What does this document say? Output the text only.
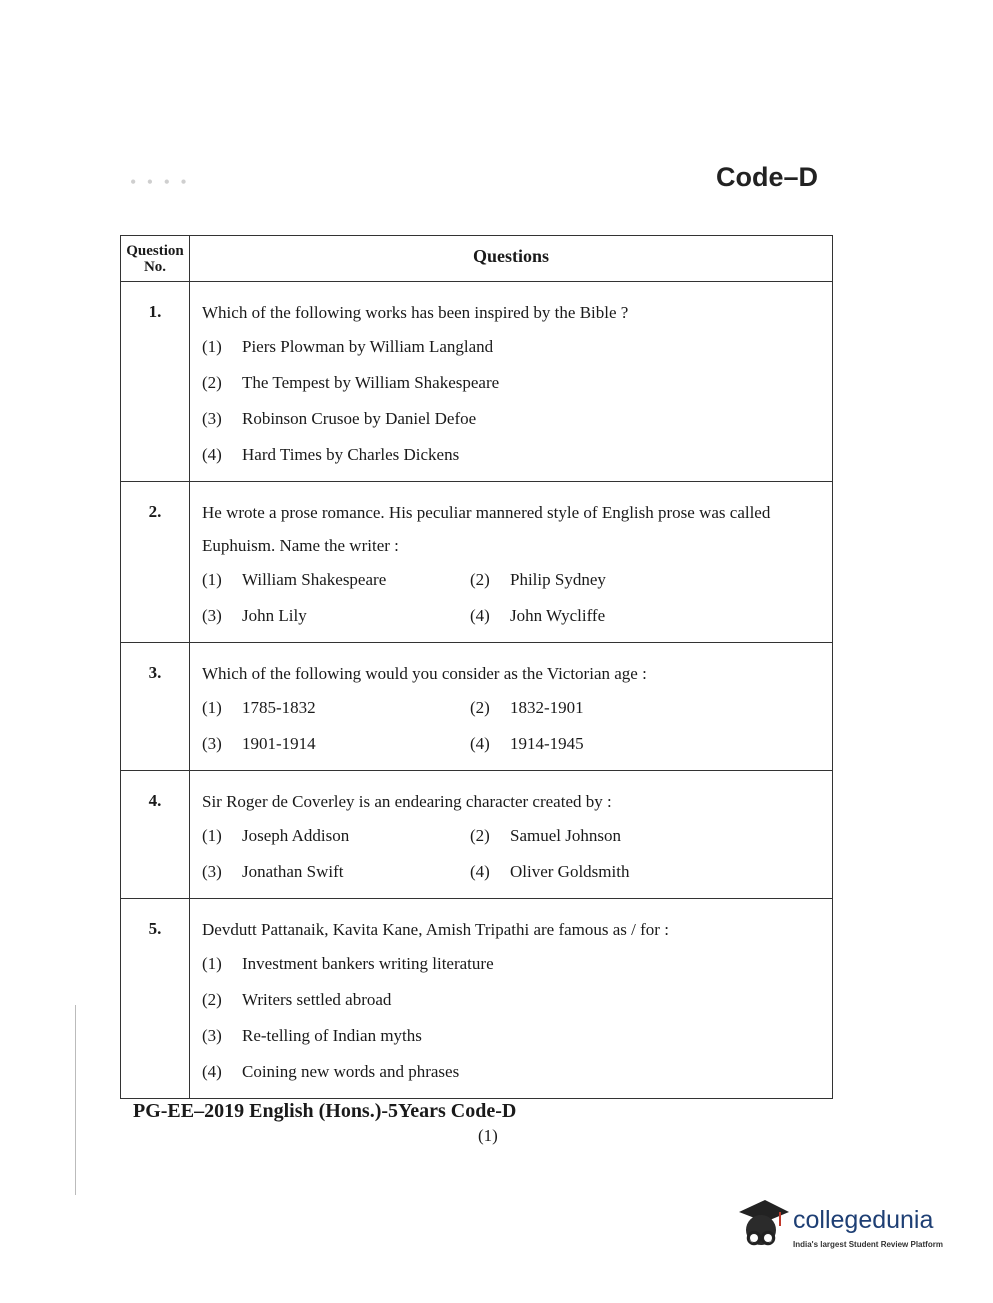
• • • •	Code–D
Question No.	Questions
1.	Which of the following works has been inspired by the Bible ?
(1) Piers Plowman by William Langland
(2) The Tempest by William Shakespeare
(3) Robinson Crusoe by Daniel Defoe
(4) Hard Times by Charles Dickens

2.	He wrote a prose romance. His peculiar mannered style of English prose was called Euphuism. Name the writer :
(1) William Shakespeare (2) Philip Sydney
(3) John Lily (4) John Wycliffe

3.	Which of the following would you consider as the Victorian age :
(1) 1785-1832 (2) 1832-1901
(3) 1901-1914 (4) 1914-1945

4.	Sir Roger de Coverley is an endearing character created by :
(1) Joseph Addison (2) Samuel Johnson
(3) Jonathan Swift (4) Oliver Goldsmith

5.	Devdutt Pattanaik, Kavita Kane, Amish Tripathi are famous as / for :
(1) Investment bankers writing literature
(2) Writers settled abroad
(3) Re-telling of Indian myths
(4) Coining new words and phrases
PG-EE–2019 English (Hons.)-5Years Code-D
(1)
collegedunia
India's largest Student Review Platform
